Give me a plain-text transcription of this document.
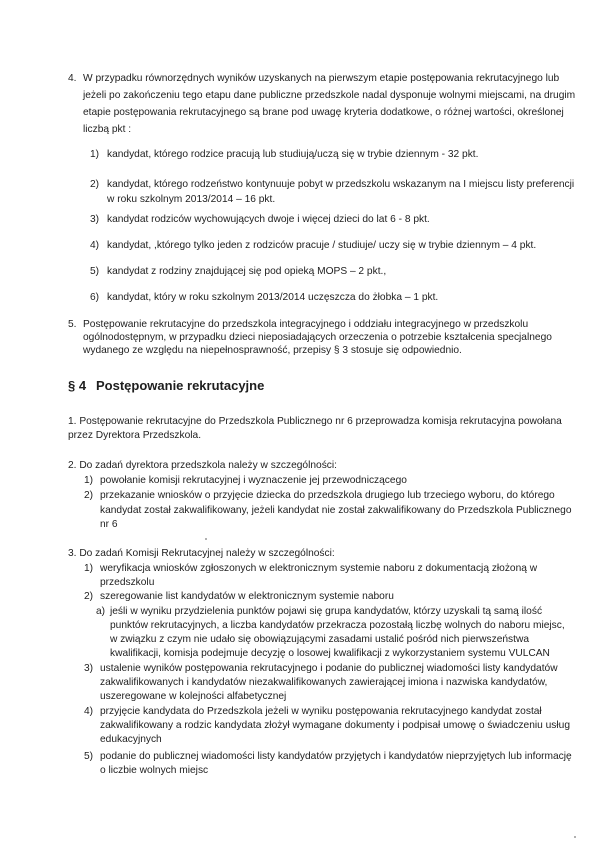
4. W przypadku równorzędnych wyników uzyskanych na pierwszym etapie postępowania rekrutacyjnego lub
jeżeli po zakończeniu tego etapu dane publiczne przedszkole nadal dysponuje wolnymi miejscami, na drugim
etapie postępowania rekrutacyjnego są brane pod uwagę kryteria dodatkowe, o różnej wartości, określonej
liczbą pkt :
1) kandydat, którego rodzice pracują lub studiują/uczą się w trybie dziennym - 32 pkt.
2) kandydat, którego rodzeństwo kontynuuje pobyt w przedszkolu wskazanym na I miejscu listy preferencji
w roku szkolnym 2013/2014 – 16 pkt.
3) kandydat rodziców wychowujących dwoje i więcej dzieci do lat 6 - 8 pkt.
4) kandydat, ,którego tylko jeden z rodziców pracuje / studiuje/ uczy się w trybie dziennym – 4 pkt.
5) kandydat z rodziny znajdującej się pod opieką MOPS – 2 pkt.,
6) kandydat, który w roku szkolnym 2013/2014 uczęszcza do żłobka – 1 pkt.
5. Postępowanie rekrutacyjne do przedszkola integracyjnego i oddziału integracyjnego w przedszkolu
ogólnodostępnym, w przypadku dzieci nieposiadających orzeczenia o potrzebie kształcenia specjalnego
wydanego ze względu na niepełnosprawność, przepisy § 3 stosuje się odpowiednio.
§ 4 Postępowanie rekrutacyjne
1. Postępowanie rekrutacyjne do Przedszkola Publicznego nr 6 przeprowadza komisja rekrutacyjna powołana
przez Dyrektora Przedszkola.
2. Do zadań dyrektora przedszkola należy w szczególności:
1) powołanie komisji rekrutacyjnej i wyznaczenie jej przewodniczącego
2) przekazanie wniosków o przyjęcie dziecka do przedszkola drugiego lub trzeciego wyboru, do którego
kandydat został zakwalifikowany, jeżeli kandydat nie został zakwalifikowany do Przedszkola Publicznego
nr 6
3. Do zadań Komisji Rekrutacyjnej należy w szczególności:
1) weryfikacja wniosków zgłoszonych w elektronicznym systemie naboru z dokumentacją złożoną w
przedszkolu
2) szeregowanie list kandydatów w elektronicznym systemie naboru
a) jeśli w wyniku przydzielenia punktów pojawi się grupa kandydatów, którzy uzyskali tą samą ilość
punktów rekrutacyjnych, a liczba kandydatów przekracza pozostałą liczbę wolnych do naboru miejsc,
w związku z czym nie udało się obowiązującymi zasadami ustalić pośród nich pierwszeństwa
kwalifikacji, komisja podejmuje decyzję o losowej kwalifikacji z wykorzystaniem systemu VULCAN
3) ustalenie wyników postępowania rekrutacyjnego i podanie do publicznej wiadomości listy kandydatów
zakwalifikowanych i kandydatów niezakwalifikowanych zawierającej imiona i nazwiska kandydatów,
uszeregowane w kolejności alfabetycznej
4) przyjęcie kandydata do Przedszkola jeżeli w wyniku postępowania rekrutacyjnego kandydat został
zakwalifikowany a rodzic kandydata złożył wymagane dokumenty i podpisał umowę o świadczeniu usług
edukacyjnych
5) podanie do publicznej wiadomości listy kandydatów przyjętych i kandydatów nieprzyjętych lub informację
o liczbie wolnych miejsc
